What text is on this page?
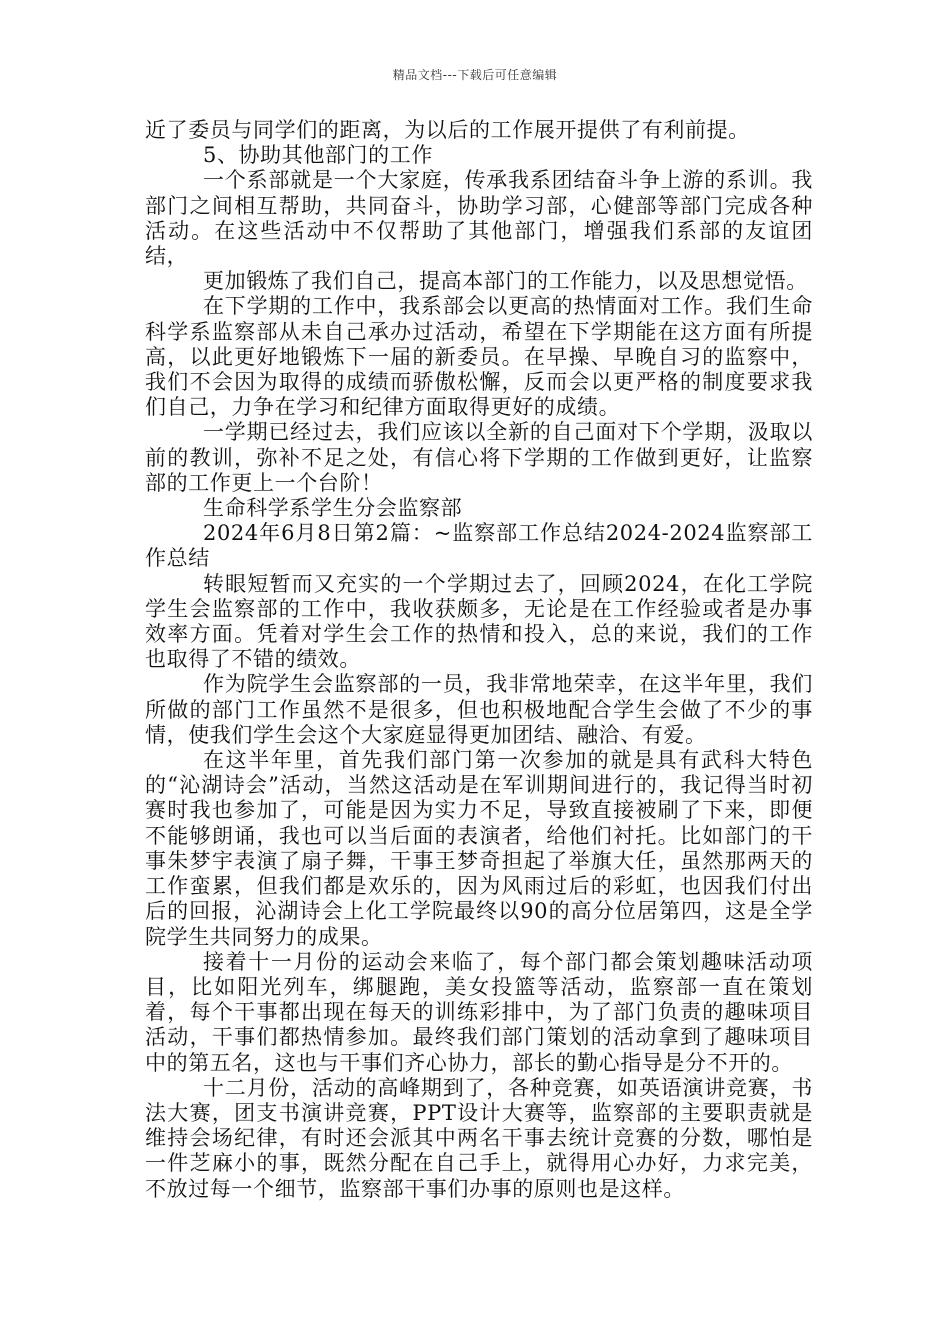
精品文档---下载后可任意编辑

近了委员与同学们的距离，为以后的工作展开提供了有利前提。

5、协助其他部门的工作

一个系部就是一个大家庭，传承我系团结奋斗争上游的系训。我部门之间相互帮助，共同奋斗，协助学习部，心健部等部门完成各种活动。在这些活动中不仅帮助了其他部门，增强我们系部的友谊团结，

更加锻炼了我们自己，提高本部门的工作能力，以及思想觉悟。

在下学期的工作中，我系部会以更高的热情面对工作。我们生命科学系监察部从未自己承办过活动，希望在下学期能在这方面有所提高，以此更好地锻炼下一届的新委员。在早操、早晚自习的监察中，我们不会因为取得的成绩而骄傲松懈，反而会以更严格的制度要求我们自己，力争在学习和纪律方面取得更好的成绩。

一学期已经过去，我们应该以全新的自己面对下个学期，汲取以前的教训，弥补不足之处，有信心将下学期的工作做到更好，让监察部的工作更上一个台阶！

生命科学系学生分会监察部

2024年6月8日第2篇：~监察部工作总结2024-2024监察部工作总结

转眼短暂而又充实的一个学期过去了，回顾2024，在化工学院学生会监察部的工作中，我收获颇多，无论是在工作经验或者是办事效率方面。凭着对学生会工作的热情和投入，总的来说，我们的工作也取得了不错的绩效。

作为院学生会监察部的一员，我非常地荣幸，在这半年里，我们所做的部门工作虽然不是很多，但也积极地配合学生会做了不少的事情，使我们学生会这个大家庭显得更加团结、融洽、有爱。

在这半年里，首先我们部门第一次参加的就是具有武科大特色的“沁湖诗会”活动，当然这活动是在军训期间进行的，我记得当时初赛时我也参加了，可能是因为实力不足，导致直接被刷了下来，即便不能够朗诵，我也可以当后面的表演者，给他们衬托。比如部门的干事朱梦宇表演了扇子舞，干事王梦奇担起了举旗大任，虽然那两天的工作蛮累，但我们都是欢乐的，因为风雨过后的彩虹，也因我们付出后的回报，沁湖诗会上化工学院最终以90的高分位居第四，这是全学院学生共同努力的成果。

接着十一月份的运动会来临了，每个部门都会策划趣味活动项目，比如阳光列车，绑腿跑，美女投篮等活动，监察部一直在策划着，每个干事都出现在每天的训练彩排中，为了部门负责的趣味项目活动，干事们都热情参加。最终我们部门策划的活动拿到了趣味项目中的第五名，这也与干事们齐心协力，部长的勤心指导是分不开的。

十二月份，活动的高峰期到了，各种竞赛，如英语演讲竞赛，书法大赛，团支书演讲竞赛，PPT设计大赛等，监察部的主要职责就是维持会场纪律，有时还会派其中两名干事去统计竞赛的分数，哪怕是一件芝麻小的事，既然分配在自己手上，就得用心办好，力求完美，不放过每一个细节，监察部干事们办事的原则也是这样。
